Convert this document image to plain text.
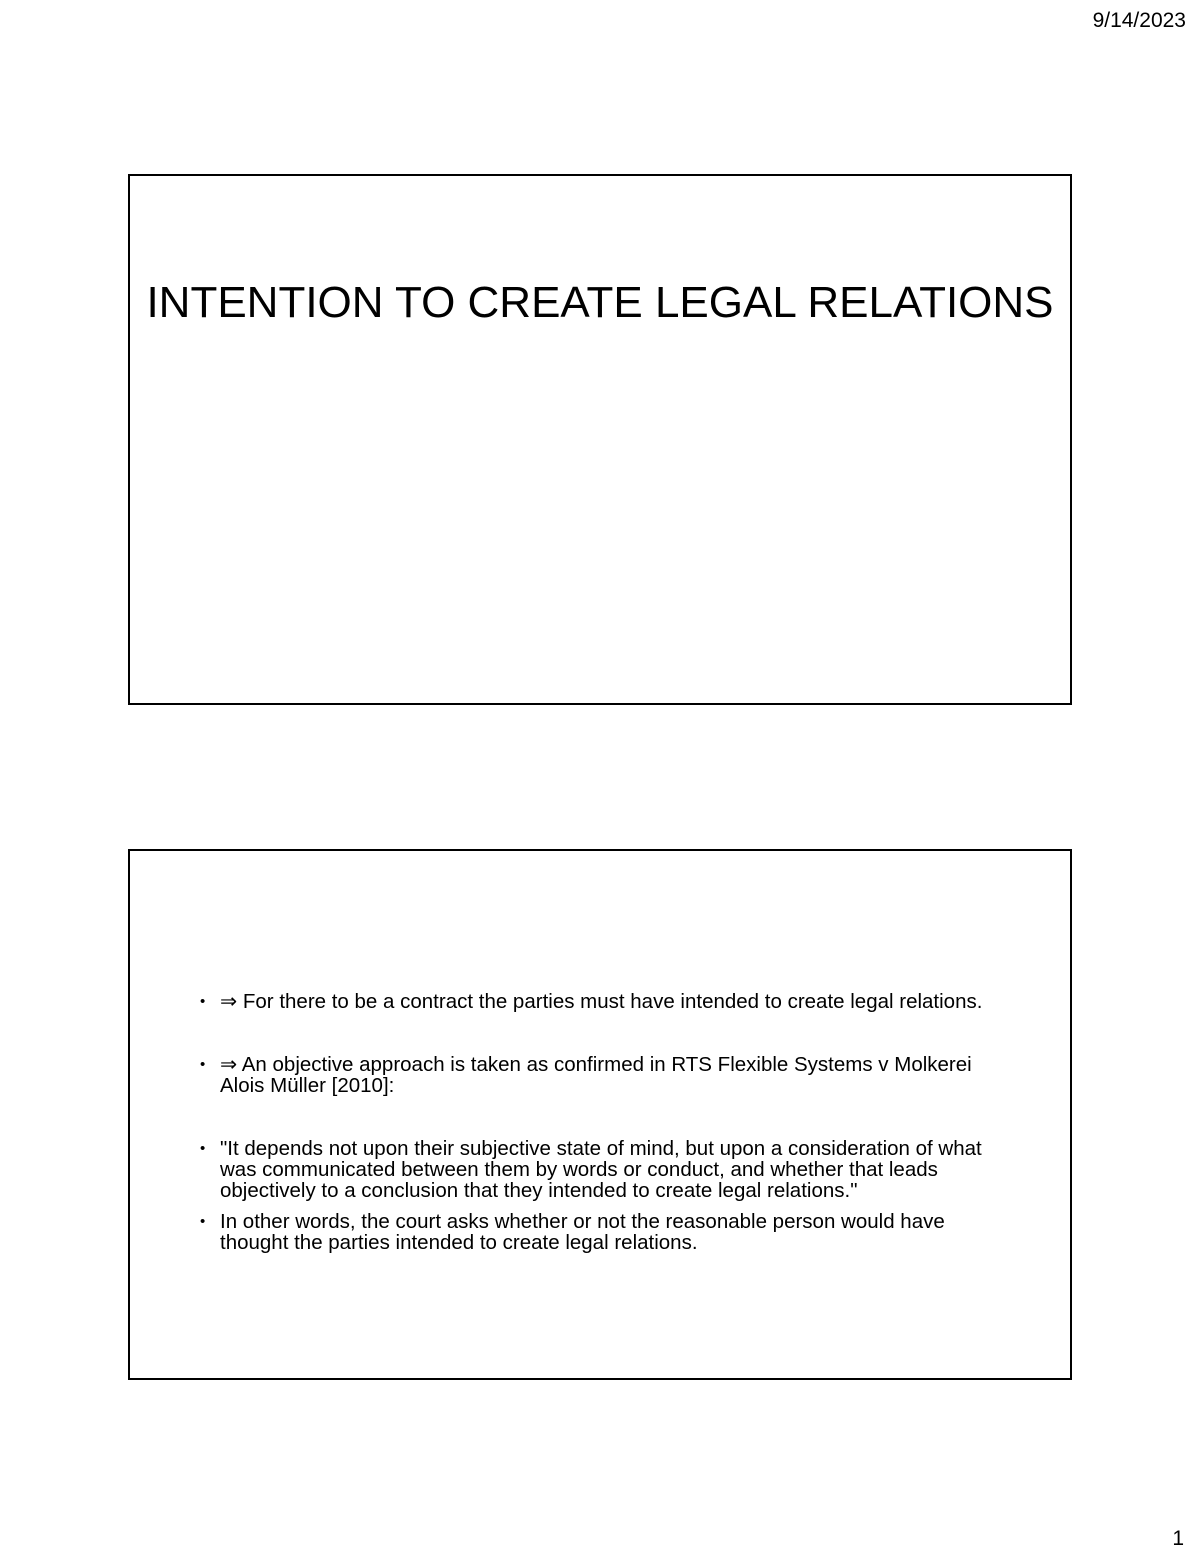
9/14/2023
INTENTION TO CREATE LEGAL RELATIONS
• ⇒ For there to be a contract the parties must have intended to create legal relations.
• ⇒ An objective approach is taken as confirmed in RTS Flexible Systems v Molkerei Alois Müller [2010]:
• "It depends not upon their subjective state of mind, but upon a consideration of what was communicated between them by words or conduct, and whether that leads objectively to a conclusion that they intended to create legal relations."
• In other words, the court asks whether or not the reasonable person would have thought the parties intended to create legal relations.
1
